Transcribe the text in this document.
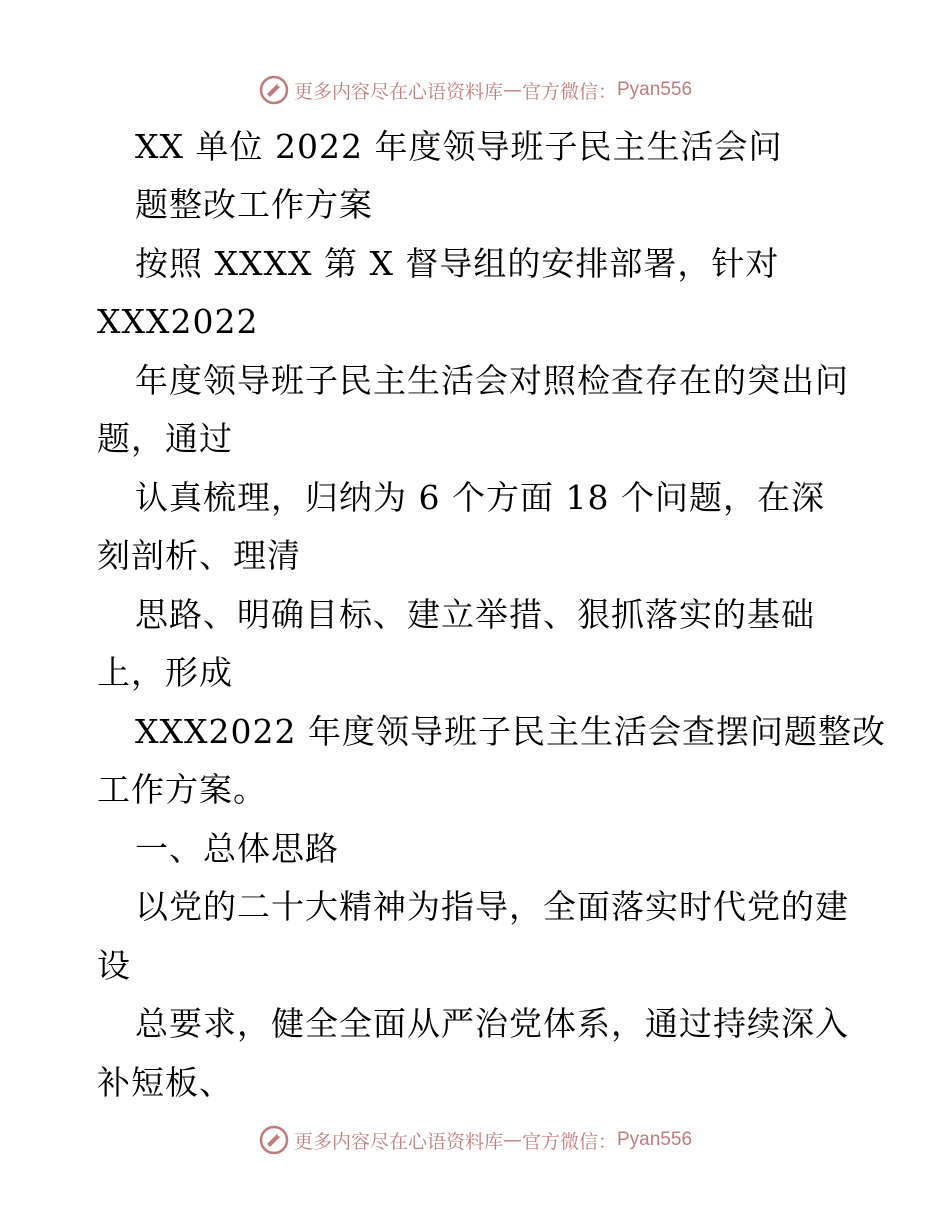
更多内容尽在心语资料库 — 官方微信： Pyan556
XX 单位 2022 年度领导班子民主生活会问
题整改工作方案
按照 XXXX 第 X 督导组的安排部署，针对
XXX2022
年度领导班子民主生活会对照检查存在的突出问
题，通过
认真梳理，归纳为 6 个方面 18 个问题，在深
刻剖析、理清
思路、明确目标、建立举措、狠抓落实的基础
上，形成
XXX2022 年度领导班子民主生活会查摆问题整改
工作方案。
一、总体思路
以党的二十大精神为指导，全面落实时代党的建
设
总要求，健全全面从严治党体系，通过持续深入
补短板、
更多内容尽在心语资料库 — 官方微信： Pyan556
